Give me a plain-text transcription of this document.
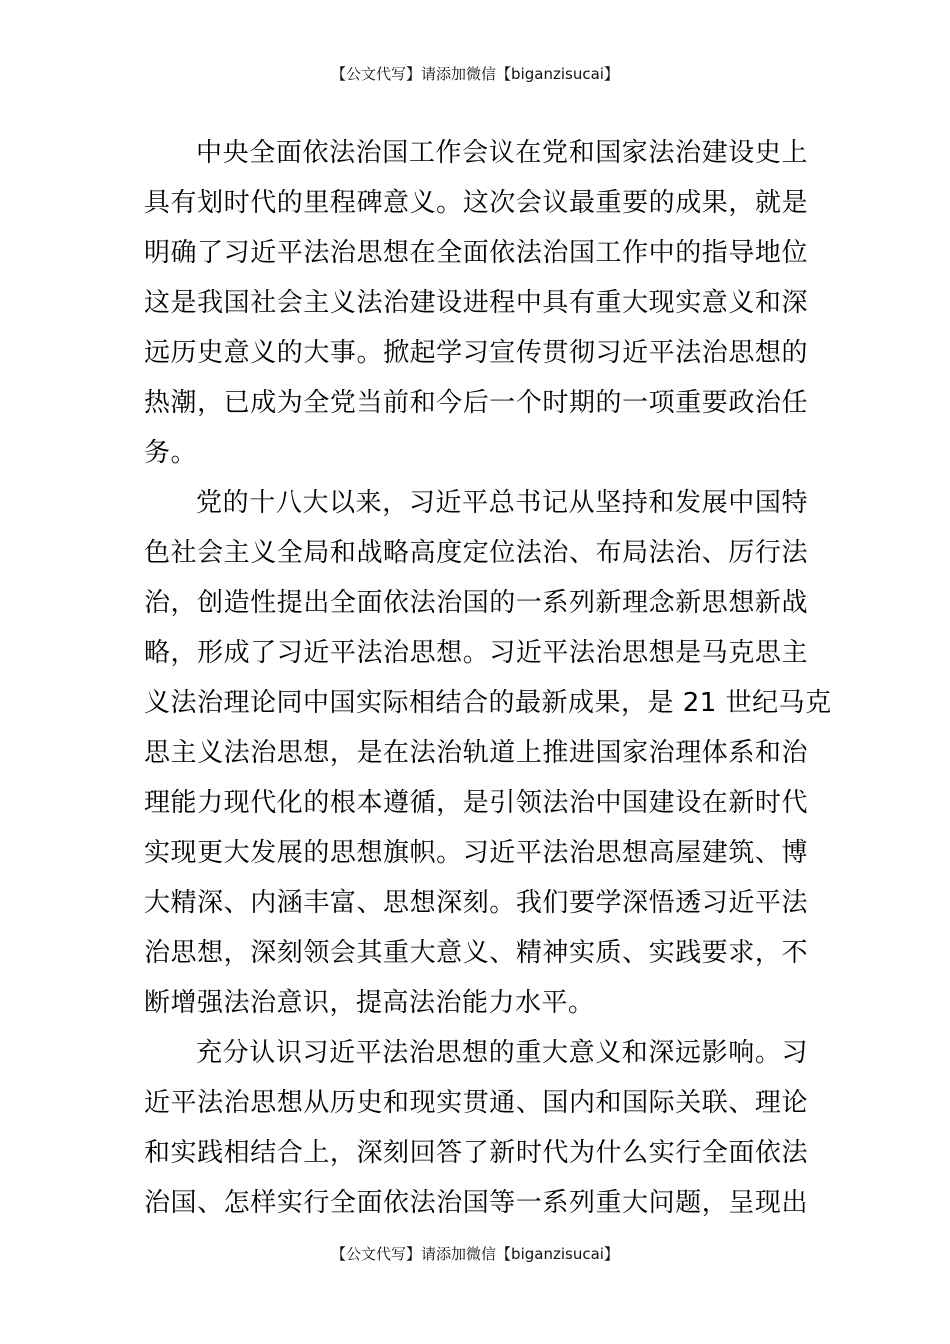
【公文代写】请添加微信【biganzisucai】
中央全面依法治国工作会议在党和国家法治建设史上
具有划时代的里程碑意义。这次会议最重要的成果，就是
明确了习近平法治思想在全面依法治国工作中的指导地位
这是我国社会主义法治建设进程中具有重大现实意义和深
远历史意义的大事。掀起学习宣传贯彻习近平法治思想的
热潮，已成为全党当前和今后一个时期的一项重要政治任
务。
党的十八大以来，习近平总书记从坚持和发展中国特
色社会主义全局和战略高度定位法治、布局法治、厉行法
治，创造性提出全面依法治国的一系列新理念新思想新战
略，形成了习近平法治思想。习近平法治思想是马克思主
义法治理论同中国实际相结合的最新成果，是 21 世纪马克
思主义法治思想，是在法治轨道上推进国家治理体系和治
理能力现代化的根本遵循，是引领法治中国建设在新时代
实现更大发展的思想旗帜。习近平法治思想高屋建筑、博
大精深、内涵丰富、思想深刻。我们要学深悟透习近平法
治思想，深刻领会其重大意义、精神实质、实践要求，不
断增强法治意识，提高法治能力水平。
充分认识习近平法治思想的重大意义和深远影响。习
近平法治思想从历史和现实贯通、国内和国际关联、理论
和实践相结合上，深刻回答了新时代为什么实行全面依法
治国、怎样实行全面依法治国等一系列重大问题，呈现出
【公文代写】请添加微信【biganzisucai】
